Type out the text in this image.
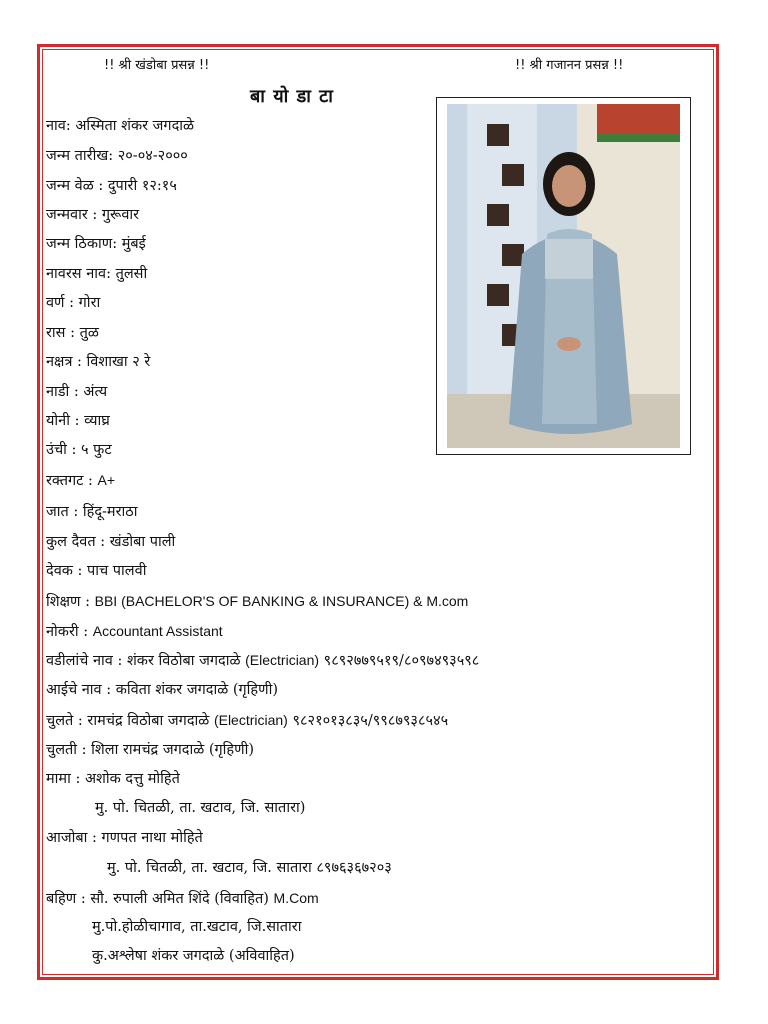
!! श्री खंडोबा प्रसन्न !!	!! श्री गजानन प्रसन्न !!
बा यो डा टा
नाव: अस्मिता शंकर जगदाळे
जन्म तारीख: २०-०४-२०००
जन्म वेळ : दुपारी १२:१५
जन्मवार : गुरूवार
जन्म ठिकाण: मुंबई
नावरस नाव: तुलसी
वर्ण : गोरा
रास : तुळ
नक्षत्र : विशाखा २ रे
नाडी : अंत्य
योनी : व्याघ्र
उंची : ५ फुट
रक्तगट : A+
जात : हिंदू-मराठा
कुल दैवत : खंडोबा पाली
देवक : पाच पालवी
शिक्षण : BBI (BACHELOR'S OF BANKING & INSURANCE) & M.com
नोकरी : Accountant Assistant
वडीलांचे नाव : शंकर विठोबा जगदाळे (Electrician) ९८९२७७९५१९/८०९७४९३५९८
आईचे नाव : कविता शंकर जगदाळे (गृहिणी)
चुलते : रामचंद्र विठोबा जगदाळे (Electrician) ९८२१०१३८३५/९९८७९३८५४५
चुलती : शिला रामचंद्र जगदाळे (गृहिणी)
मामा : अशोक दत्तु मोहिते
मु. पो. चितळी, ता. खटाव, जि. सातारा)
आजोबा : गणपत नाथा मोहिते
मु. पो. चितळी, ता. खटाव, जि. सातारा ८९७६३६७२०३
बहिण : सौ. रुपाली अमित शिंदे (विवाहित) M.Com
मु.पो.होळीचागाव, ता.खटाव, जि.सातारा
कु.अश्लेषा शंकर जगदाळे (अविवाहित)
